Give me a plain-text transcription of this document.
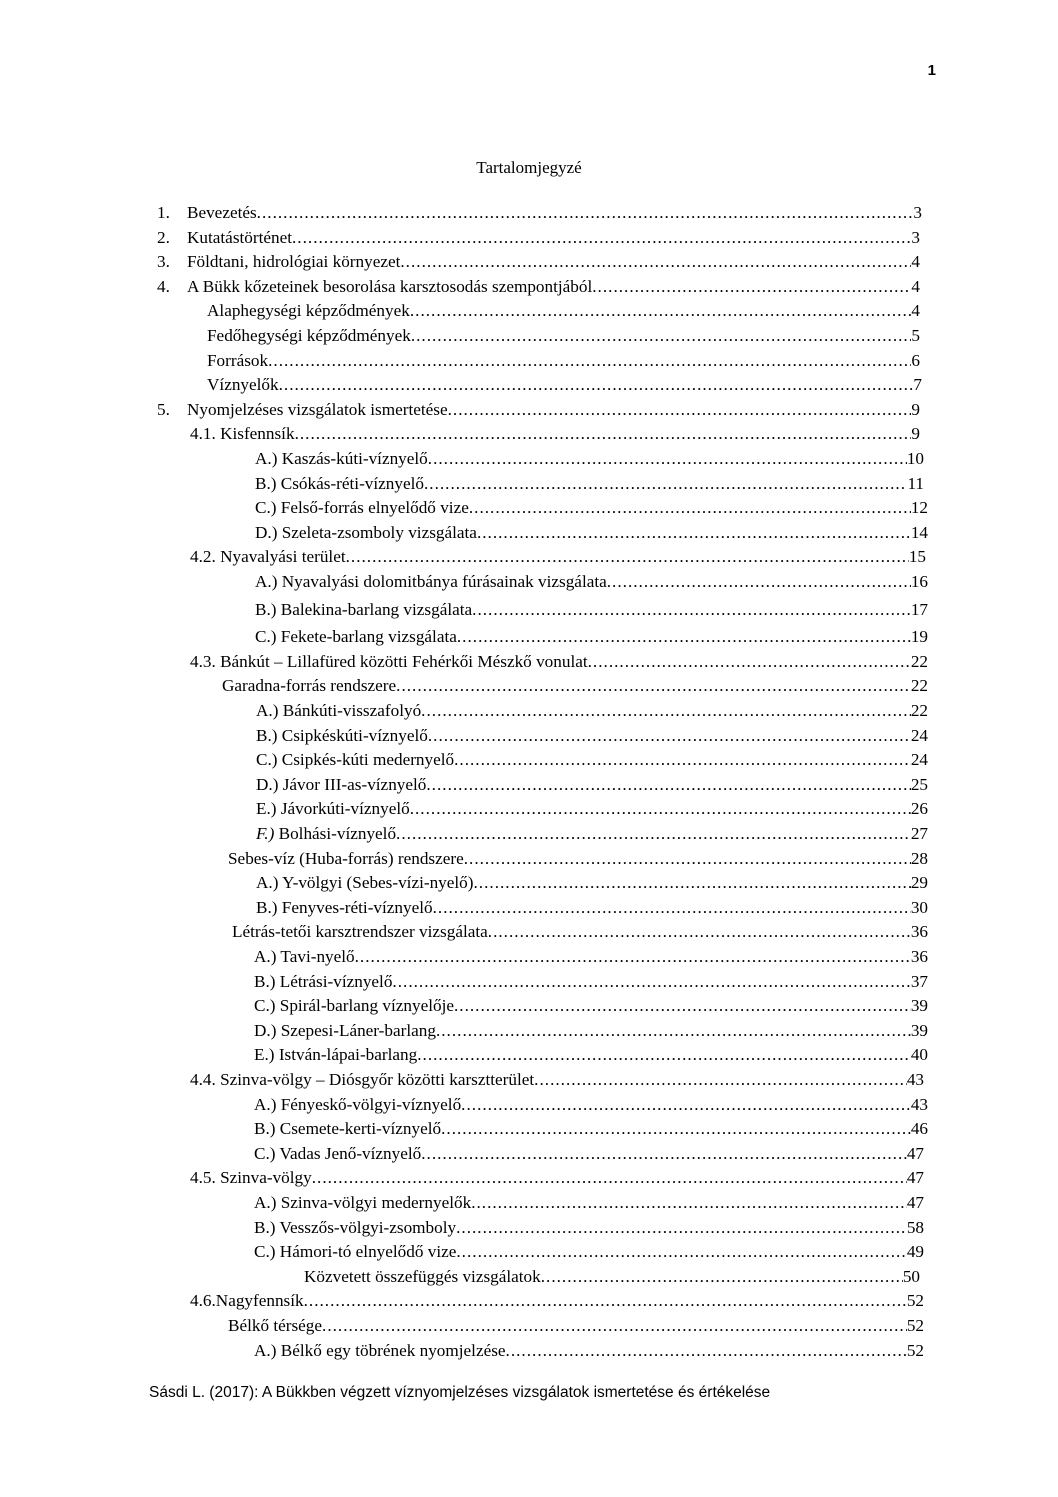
1
Tartalomjegyzé
1. Bevezetés .....	3
2. Kutatástörténet .....	3
3. Földtani, hidrológiai környezet .....	4
4. A Bükk kőzeteinek besorolása karsztosodás szempontjából .....	4
Alaphegységi képződmények .....	4
Fedőhegységi képződmények .....	5
Források .....	6
Víznyelők .....	7
5. Nyomjelzéses vizsgálatok ismertetése .....	9
4.1. Kisfennsík .....	9
A.) Kaszás-kúti-víznyelő .....	10
B.) Csókás-réti-víznyelő .....	11
C.) Felső-forrás elnyelődő vize .....	12
D.) Szeleta-zsomboly vizsgálata .....	14
4.2. Nyavalyási terület .....	15
A.) Nyavalyási dolomitbánya fúrásainak vizsgálata .....	16
B.) Balekina-barlang vizsgálata .....	17
C.) Fekete-barlang vizsgálata .....	19
4.3. Bánkút – Lillafüred közötti Fehérkői Mészkő vonulat .....	22
Garadna-forrás rendszere .....	22
A.) Bánkúti-visszafolyó .....	22
B.) Csipkéskúti-víznyelő .....	24
C.) Csipkés-kúti medernyelő .....	24
D.) Jávor III-as-víznyelő .....	25
E.) Jávorkúti-víznyelő .....	26
F.) Bolhási-víznyelő .....	27
Sebes-víz (Huba-forrás) rendszere .....	28
A.) Y-völgyi (Sebes-vízi-nyelő) .....	29
B.) Fenyves-réti-víznyelő .....	30
Létrás-tetői karsztrendszer vizsgálata .....	36
A.) Tavi-nyelő .....	36
B.) Létrási-víznyelő .....	37
C.) Spirál-barlang víznyelője .....	39
D.) Szepesi-Láner-barlang .....	39
E.) István-lápai-barlang .....	40
4.4. Szinva-völgy – Diósgyőr közötti karsztterület .....	43
A.) Fényeskő-völgyi-víznyelő .....	43
B.) Csemete-kerti-víznyelő .....	46
C.) Vadas Jenő-víznyelő .....	47
4.5. Szinva-völgy .....	47
A.) Szinva-völgyi medernyelők .....	47
B.) Vesszős-völgyi-zsomboly .....	58
C.) Hámori-tó elnyelődő vize .....	49
Közvetett összefüggés vizsgálatok .....	50
4.6.Nagyfennsík .....	52
Bélkő térsége .....	52
A.) Bélkő egy töbrének nyomjelzése .....	52
Sásdi L. (2017): A Bükkben végzett víznyomjelzéses vizsgálatok ismertetése és értékelése
